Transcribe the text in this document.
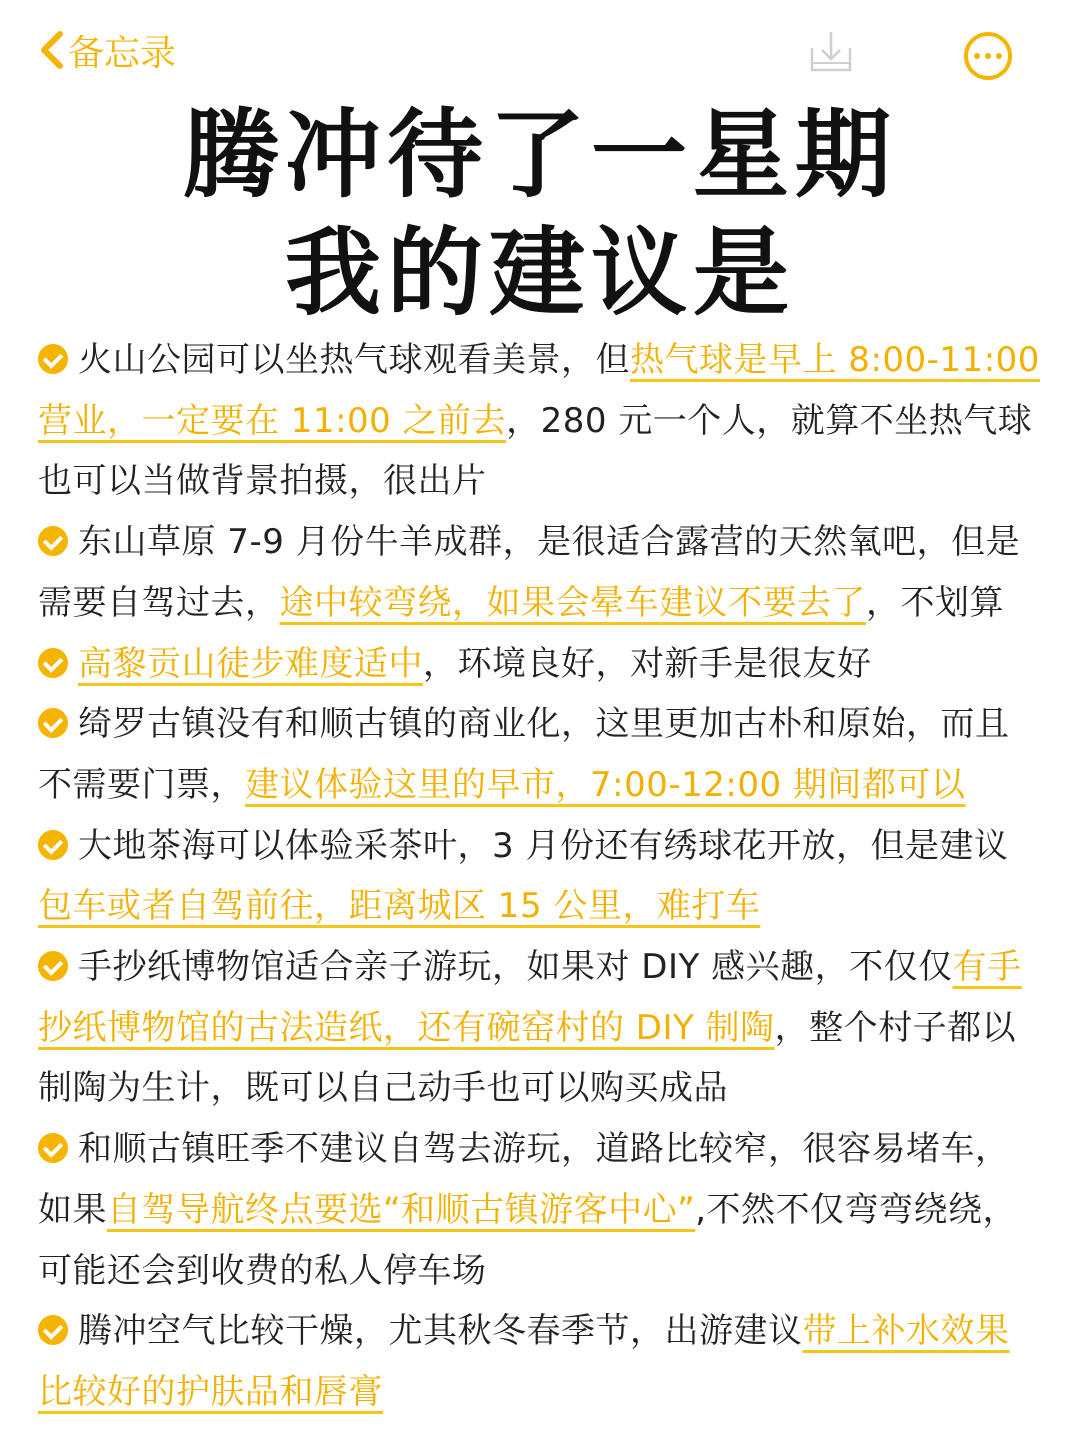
备忘录
腾冲待了一星期
我的建议是
火山公园可以坐热气球观看美景，但热气球是早上 8:00-11:00 营业，一定要在 11:00 之前去，280 元一个人，就算不坐热气球也可以当做背景拍摄，很出片
东山草原 7-9 月份牛羊成群，是很适合露营的天然氧吧，但是需要自驾过去，途中较弯绕，如果会晕车建议不要去了，不划算
高黎贡山徒步难度适中，环境良好，对新手是很友好
绮罗古镇没有和顺古镇的商业化，这里更加古朴和原始，而且不需要门票，建议体验这里的早市，7:00-12:00 期间都可以
大地茶海可以体验采茶叶，3 月份还有绣球花开放，但是建议包车或者自驾前往，距离城区 15 公里，难打车
手抄纸博物馆适合亲子游玩，如果对 DIY 感兴趣，不仅仅有手抄纸博物馆的古法造纸，还有碗窑村的 DIY 制陶，整个村子都以制陶为生计，既可以自己动手也可以购买成品
和顺古镇旺季不建议自驾去游玩，道路比较窄，很容易堵车，如果自驾导航终点要选“和顺古镇游客中心”,不然不仅弯弯绕绕，可能还会到收费的私人停车场
腾冲空气比较干燥，尤其秋冬春季节，出游建议带上补水效果比较好的护肤品和唇膏
